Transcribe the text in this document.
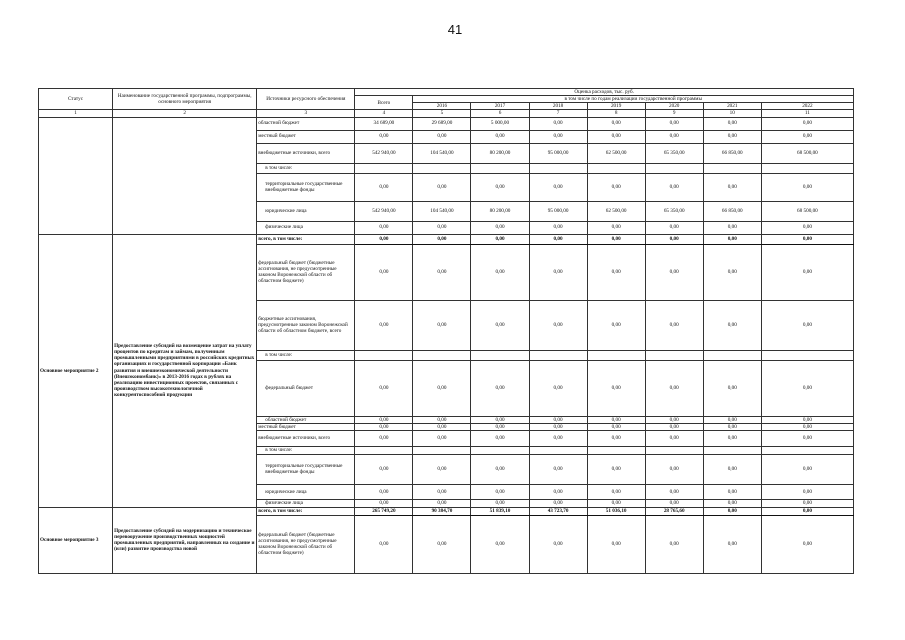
41
Статус	Наименование государственной программы, подпрограммы, основного мероприятия	Источники ресурсного обеспечения	Оценка расходов, тыс. руб.							
			Всего	в том числе по годам реализации государственной программы						
				2016	2017	2018	2019	2020	2021	2022
1	2	3	4	5	6	7	8	9	10	11
		областной бюджет	34 689,00	29 689,00	5 000,00	0,00	0,00	0,00	0,00	0,00
		местный бюджет	0,00	0,00	0,00	0,00	0,00	0,00	0,00	0,00
		внебюджетные источники, всего	542 940,00	104 540,00	80 200,00	95 000,00	62 500,00	65 350,00	66 850,00	68 500,00
		в том числе:								
		территориальные государственные внебюджетные фонды	0,00	0,00	0,00	0,00	0,00	0,00	0,00	0,00
		юридические лица	542 940,00	104 540,00	80 200,00	95 000,00	62 500,00	65 350,00	66 850,00	68 500,00
		физические лица	0,00	0,00	0,00	0,00	0,00	0,00	0,00	0,00
Основное мероприятие 2	Предоставление субсидий на возмещение затрат на уплату процентов по кредитам и займам, полученным промышленными предприятиями в российских кредитных организациях и государственной корпорации «Банк развития и внешнеэкономической деятельности (Внешэкономбанк)» в 2013-2016 годах в рублях на реализацию инвестиционных проектов, связанных с производством высокотехнологичной конкурентоспособной продукции	всего, в том числе:	0,00	0,00	0,00	0,00	0,00	0,00	0,00	0,00
		федеральный бюджет (бюджетные ассигнования, не предусмотренные законом Воронежской области об областном бюджете)	0,00	0,00	0,00	0,00	0,00	0,00	0,00	0,00
		бюджетные ассигнования, предусмотренные законом Воронежской области об областном бюджете, всего	0,00	0,00	0,00	0,00	0,00	0,00	0,00	0,00
		в том числе:								
		федеральный бюджет	0,00	0,00	0,00	0,00	0,00	0,00	0,00	0,00
		областной бюджет	0,00	0,00	0,00	0,00	0,00	0,00	0,00	0,00
		местный бюджет	0,00	0,00	0,00	0,00	0,00	0,00	0,00	0,00
		внебюджетные источники, всего	0,00	0,00	0,00	0,00	0,00	0,00	0,00	0,00
		в том числе:								
		территориальные государственные внебюджетные фонды	0,00	0,00	0,00	0,00	0,00	0,00	0,00	0,00
		юридические лица	0,00	0,00	0,00	0,00	0,00	0,00	0,00	0,00
		физические лица	0,00	0,00	0,00	0,00	0,00	0,00	0,00	0,00
Основное мероприятие 3	Предоставление субсидий на модернизацию и техническое перевооружение производственных мощностей промышленных предприятий, направленных на создание и (или) развитие производства новой	всего, в том числе:	265 749,20	90 384,70	51 839,10	43 723,70	51 036,10	28 765,60	0,00	0,00
		федеральный бюджет (бюджетные ассигнования, не предусмотренные законом Воронежской области об областном бюджете)	0,00	0,00	0,00	0,00	0,00	0,00	0,00	0,00
